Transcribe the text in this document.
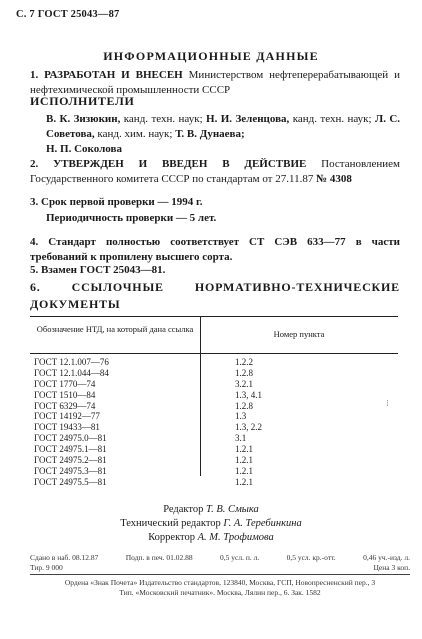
С. 7 ГОСТ 25043—87
ИНФОРМАЦИОННЫЕ ДАННЫЕ
1. РАЗРАБОТАН И ВНЕСЕН Министерством нефтеперерабатывающей и нефтехимической промышленности СССР
ИСПОЛНИТЕЛИ
В. К. Зизюкин, канд. техн. наук; Н. И. Зеленцова, канд. техн. наук; Л. С. Советова, канд. хим. наук; Т. В. Дунаева;
Н. П. Соколова
2. УТВЕРЖДЕН И ВВЕДЕН В ДЕЙСТВИЕ Постановлением Государственного комитета СССР по стандартам от 27.11.87 № 4308
3. Срок первой проверки — 1994 г.
Периодичность проверки — 5 лет.
4. Стандарт полностью соответствует СТ СЭВ 633—77 в части требований к пропилену высшего сорта.
5. Взамен ГОСТ 25043—81.
6.	ССЫЛОЧНЫЕ НОРМАТИВНО-ТЕХНИЧЕСКИЕ ДОКУМЕНТЫ
Обозначение НТД, на который дана ссылка	Номер пункта
ГОСТ 12.1.007—76	1.2.2
ГОСТ 12.1.044—84	1.2.8
ГОСТ 1770—74	3.2.1
ГОСТ 1510—84	1.3, 4.1
ГОСТ 6329—74	1.2.8
ГОСТ 14192—77	1.3
ГОСТ 19433—81	1.3, 2.2
ГОСТ 24975.0—81	3.1
ГОСТ 24975.1—81	1.2.1
ГОСТ 24975.2—81	1.2.1
ГОСТ 24975.3—81	1.2.1
ГОСТ 24975.5—81	1.2.1
⁝
Редактор Т. В. Смыка
Технический редактор Г. А. Теребинкина
Корректор А. М. Трофимова
Сдано в наб. 08.12.87	Подп. в печ. 01.02.88	0,5 усл. п. л.	0,5 усл. кр.-отт.	0,46 уч.-изд. л.
Тир. 9 000	Цена 3 коп.
Ордена «Знак Почета» Издательство стандартов, 123840, Москва, ГСП, Новопресненский пер., 3
Тип. «Московский печатник». Москва, Лялин пер., 6. Зак. 1582
